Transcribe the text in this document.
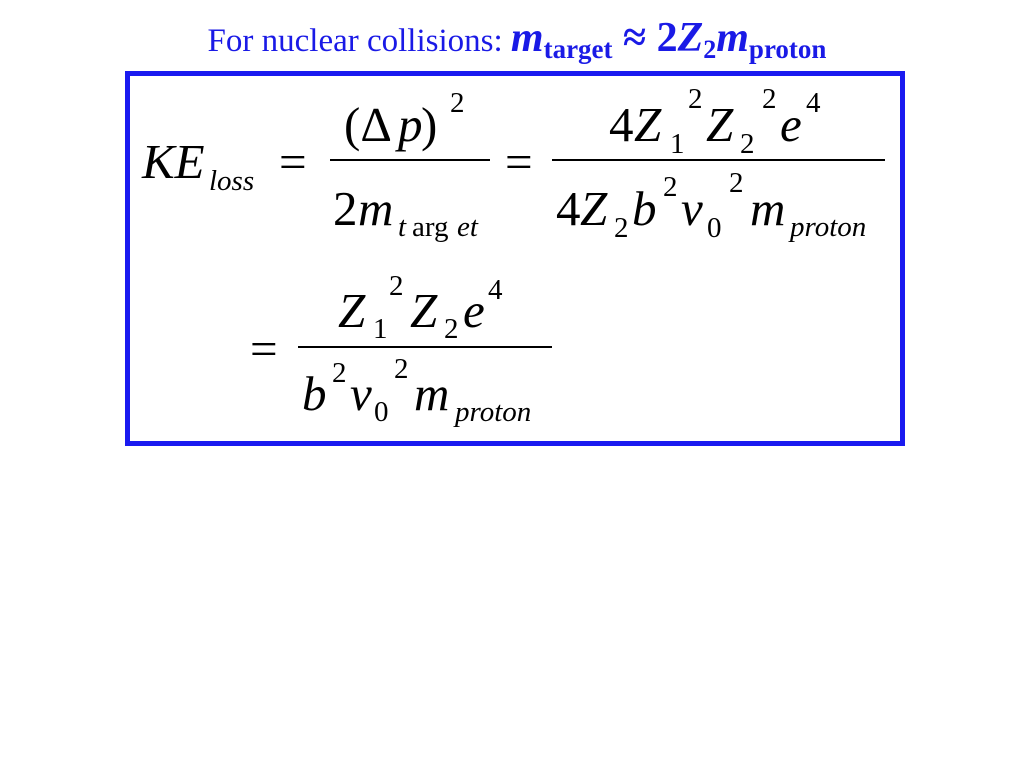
For nuclear collisions: mtarget ≈ 2Z2mproton
KE loss =
(Δ p
) 2
2 m t arg et
=
4 Z 1
2 Z 2
2 e 4
4 Z 2 b 2 v 0
2 m proton
=
Z 1
2 Z 2 e 4
b 2 v 0
2 m proton
